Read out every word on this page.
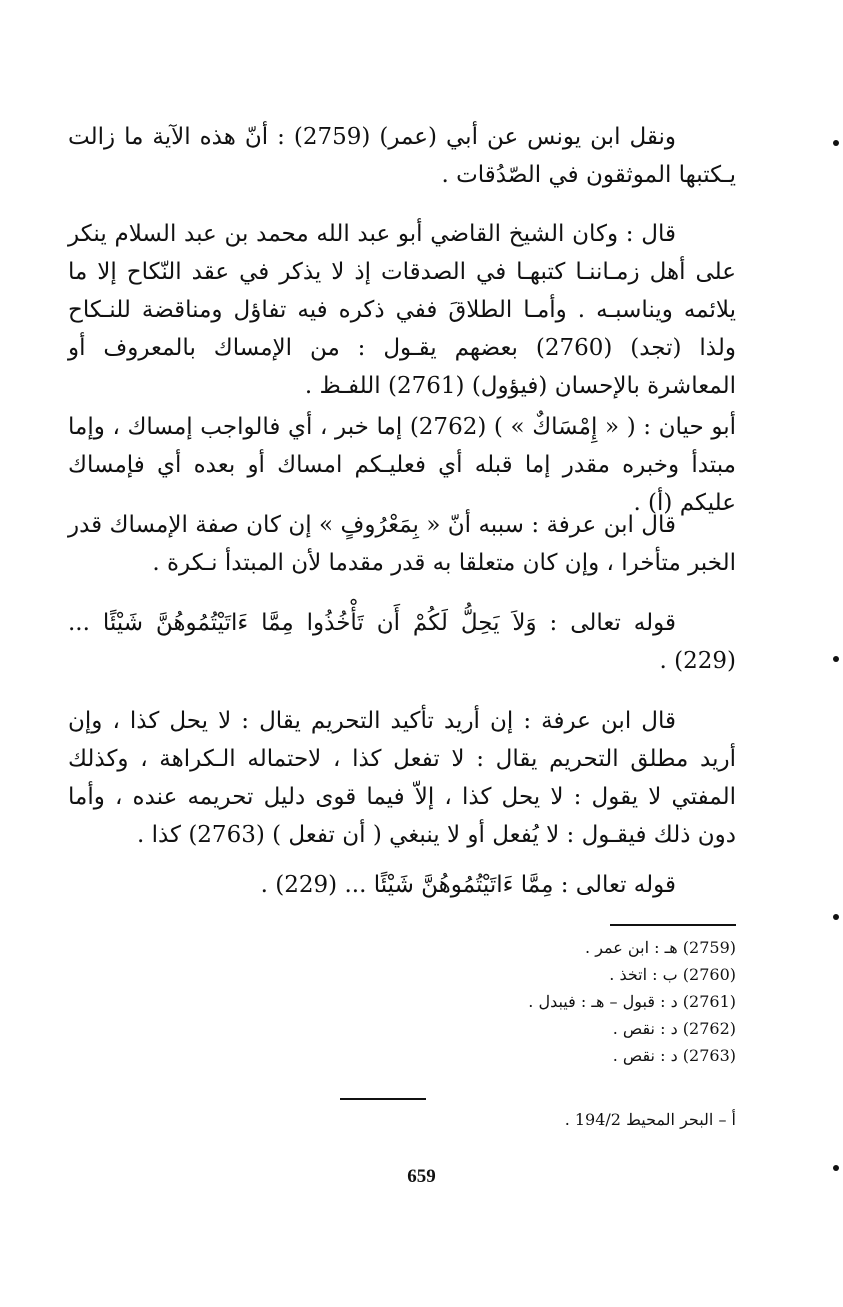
ونقل ابن يونس عن أبي (عمر) (2759) : أنّ هذه الآية ما زالت يـكتبها الموثقون في الصّدُقات .

قال : وكان الشيخ القاضي أبو عبد الله محمد بن عبد السلام ينكر على أهل زمـاننـا كتبهـا في الصدقات إذ لا يذكر في عقد النّكاح إلا ما يلائمه ويناسبـه . وأمـا الطلاقَ ففي ذكره فيه تفاؤل ومناقضة للنـكاح ولذا (تجد) (2760) بعضهم يقـول : من الإمساك بالمعروف أو المعاشرة بالإحسان (فيؤول) (2761) اللفـظ .

أبو حيان : ( « إِمْسَاكٌ » ) (2762) إما خبر ، أي فالواجب إمساك ، وإما مبتدأ وخبره مقدر إما قبله أي فعليـكم امساك أو بعده أي فإمساك عليكم (أ) .

قال ابن عرفة : سببه أنّ « بِمَعْرُوفٍ » إن كان صفة الإمساك قدر الخبر متأخرا ، وإن كان متعلقا به قدر مقدما لأن المبتدأ نـكرة .

قوله تعالى : وَلاَ يَحِلُّ لَكُمْ أَن تَأْخُذُوا مِمَّا ءَاتَيْتُمُوهُنَّ شَيْئًا ... (229) .

قال ابن عرفة : إن أريد تأكيد التحريم يقال : لا يحل كذا ، وإن أريد مطلق التحريم يقال : لا تفعل كذا ، لاحتماله الـكراهة ، وكذلك المفتي لا يقول : لا يحل كذا ، إلاّ فيما قوى دليل تحريمه عنده ، وأما دون ذلك فيقـول : لا يُفعل أو لا ينبغي ( أن تفعل ) (2763) كذا .

قوله تعالى : مِمَّا ءَاتَيْتُمُوهُنَّ شَيْئًا ... (229) .

(2759) هـ : ابن عمر .
(2760) ب : اتخذ .
(2761) د : قبول – هـ : فيبدل .
(2762) د : نقص .
(2763) د : نقص .

أ – البحر المحيط 194/2 .

659
